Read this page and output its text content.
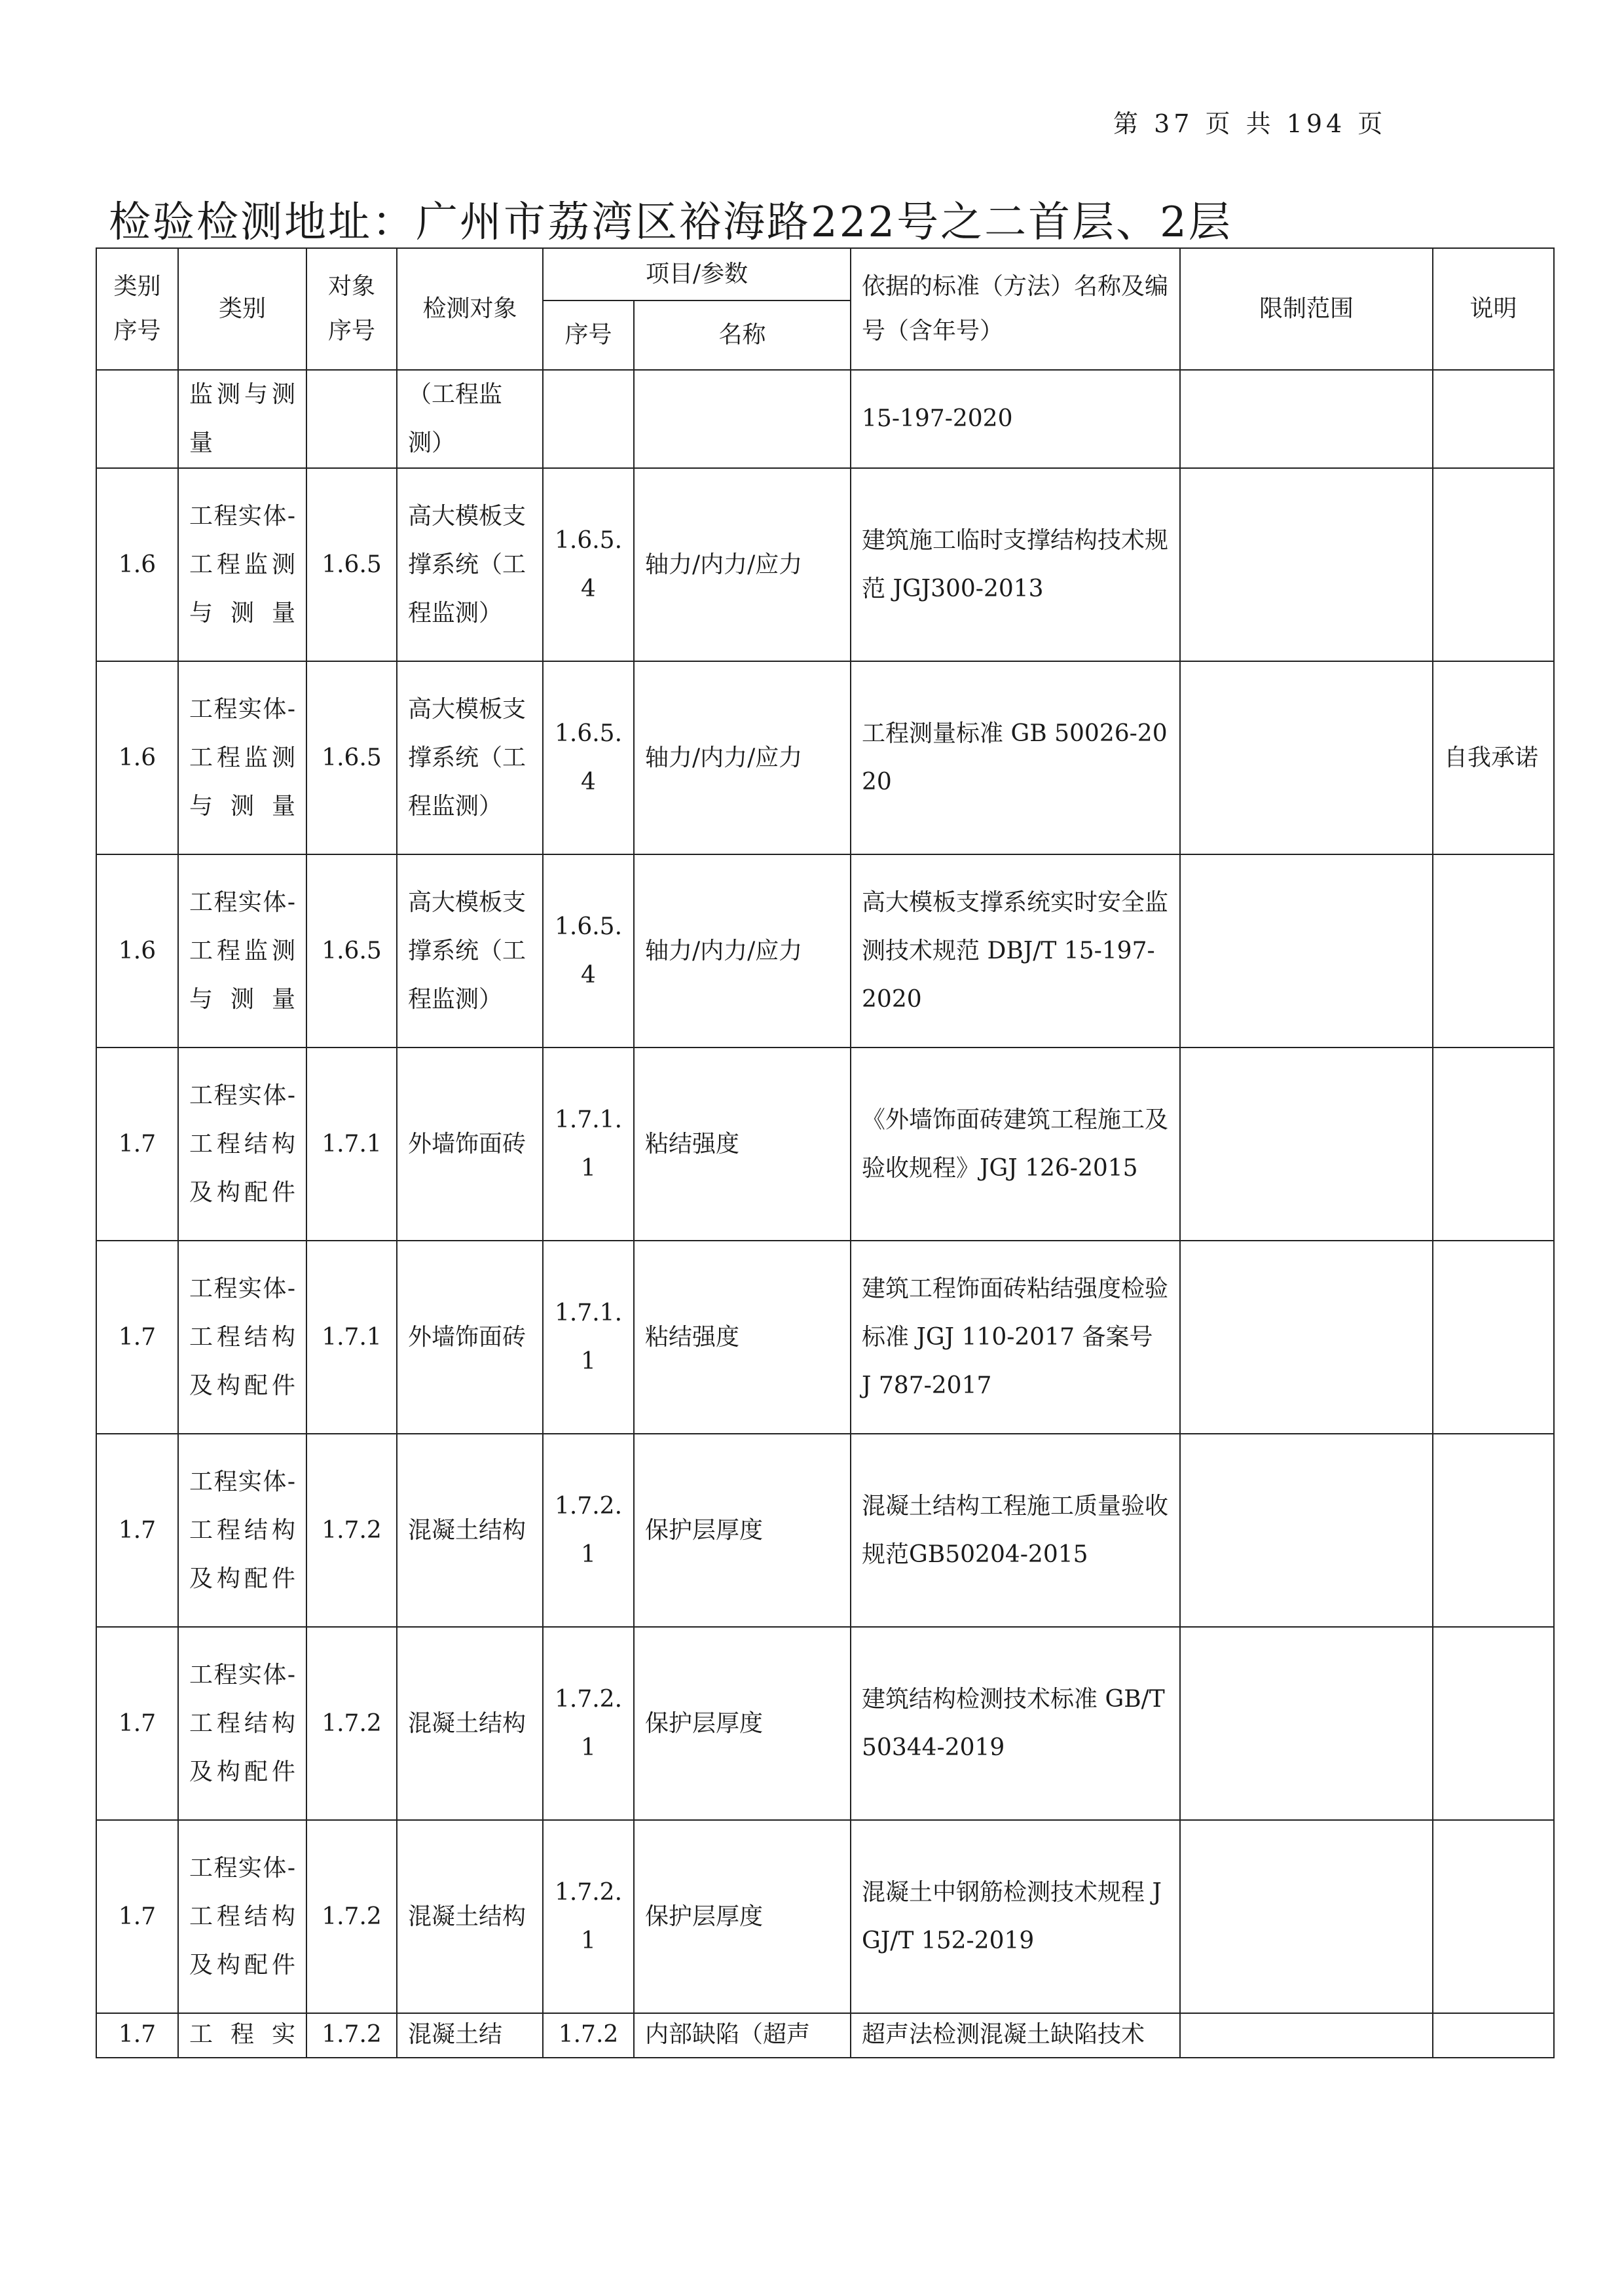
第 37 页 共 194 页
检验检测地址：广州市荔湾区裕海路222号之二首层、2层
类别序号	类别	对象序号	检测对象	项目/参数		依据的标准（方法）名称及编号（含年号）	限制范围	说明
				序号	名称			
	监测与测量		（工程监测）			15-197-2020		
1.6	工程实体-工程监测与测量	1.6.5	高大模板支撑系统（工程监测）	1.6.5.4	轴力/内力/应力	建筑施工临时支撑结构技术规范 JGJ300-2013		
1.6	工程实体-工程监测与测量	1.6.5	高大模板支撑系统（工程监测）	1.6.5.4	轴力/内力/应力	工程测量标准 GB 50026-2020		自我承诺
1.6	工程实体-工程监测与测量	1.6.5	高大模板支撑系统（工程监测）	1.6.5.4	轴力/内力/应力	高大模板支撑系统实时安全监测技术规范 DBJ/T 15-197-2020		
1.7	工程实体-工程结构及构配件	1.7.1	外墙饰面砖	1.7.1.1	粘结强度	《外墙饰面砖建筑工程施工及验收规程》JGJ 126-2015		
1.7	工程实体-工程结构及构配件	1.7.1	外墙饰面砖	1.7.1.1	粘结强度	建筑工程饰面砖粘结强度检验标准 JGJ 110-2017 备案号 J 787-2017		
1.7	工程实体-工程结构及构配件	1.7.2	混凝土结构	1.7.2.1	保护层厚度	混凝土结构工程施工质量验收规范GB50204-2015		
1.7	工程实体-工程结构及构配件	1.7.2	混凝土结构	1.7.2.1	保护层厚度	建筑结构检测技术标准 GB/T 50344-2019		
1.7	工程实体-工程结构及构配件	1.7.2	混凝土结构	1.7.2.1	保护层厚度	混凝土中钢筋检测技术规程 JGJ/T 152-2019		
1.7	工程实	1.7.2	混凝土结	1.7.2	内部缺陷（超声	超声法检测混凝土缺陷技术		
